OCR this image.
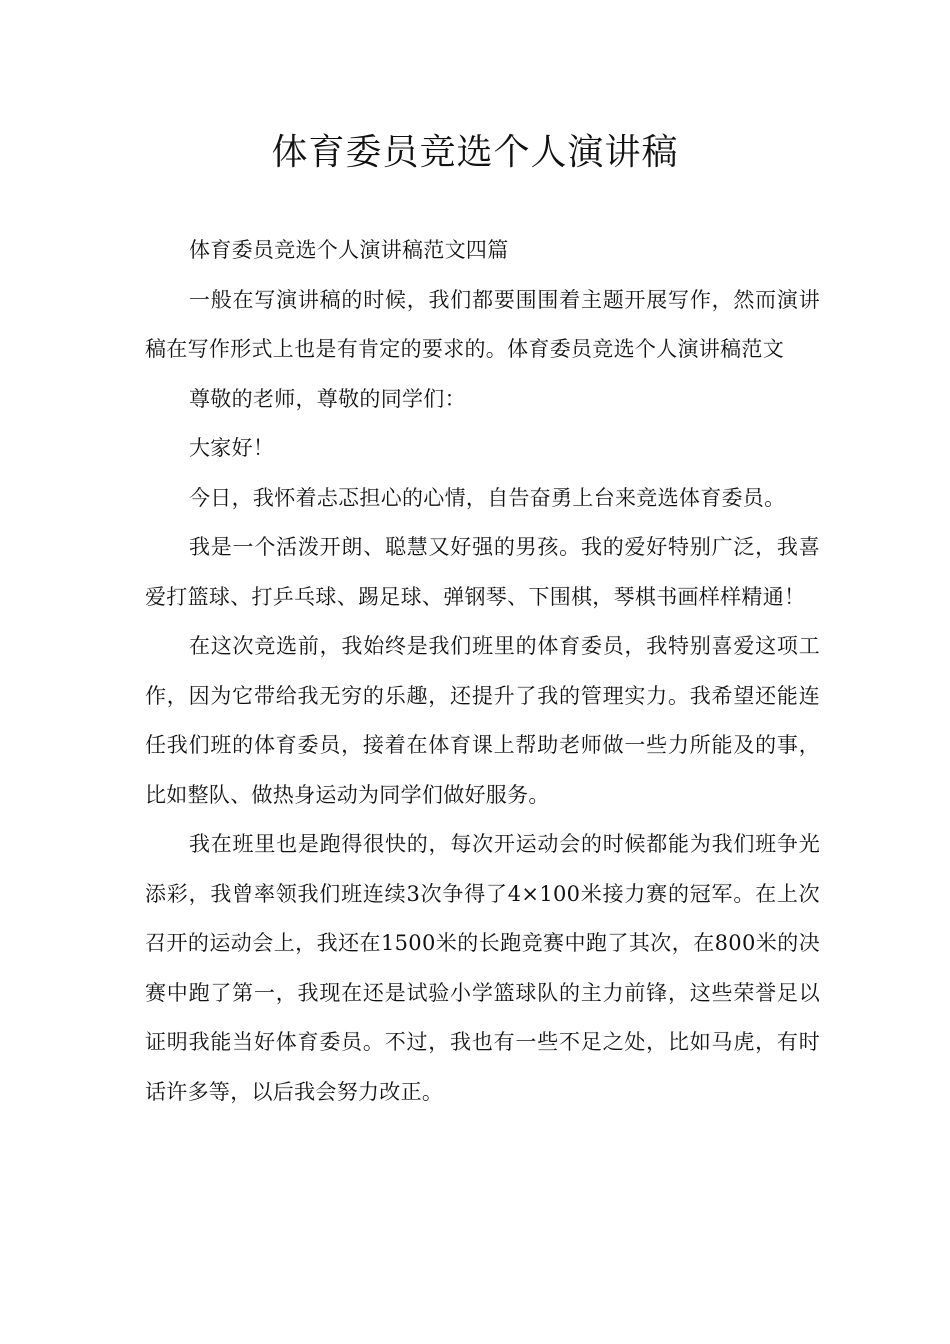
体育委员竞选个人演讲稿

体育委员竞选个人演讲稿范文四篇

一般在写演讲稿的时候，我们都要围围着主题开展写作，然而演讲稿在写作形式上也是有肯定的要求的。体育委员竞选个人演讲稿范文

尊敬的老师，尊敬的同学们：

大家好！

今日，我怀着忐忑担心的心情，自告奋勇上台来竞选体育委员。

我是一个活泼开朗、聪慧又好强的男孩。我的爱好特别广泛，我喜爱打篮球、打乒乓球、踢足球、弹钢琴、下围棋，琴棋书画样样精通！

在这次竞选前，我始终是我们班里的体育委员，我特别喜爱这项工作，因为它带给我无穷的乐趣，还提升了我的管理实力。我希望还能连任我们班的体育委员，接着在体育课上帮助老师做一些力所能及的事，比如整队、做热身运动为同学们做好服务。

我在班里也是跑得很快的，每次开运动会的时候都能为我们班争光添彩，我曾率领我们班连续3次争得了4×100米接力赛的冠军。在上次召开的运动会上，我还在1500米的长跑竞赛中跑了其次，在800米的决赛中跑了第一，我现在还是试验小学篮球队的主力前锋，这些荣誉足以证明我能当好体育委员。不过，我也有一些不足之处，比如马虎，有时话许多等，以后我会努力改正。
